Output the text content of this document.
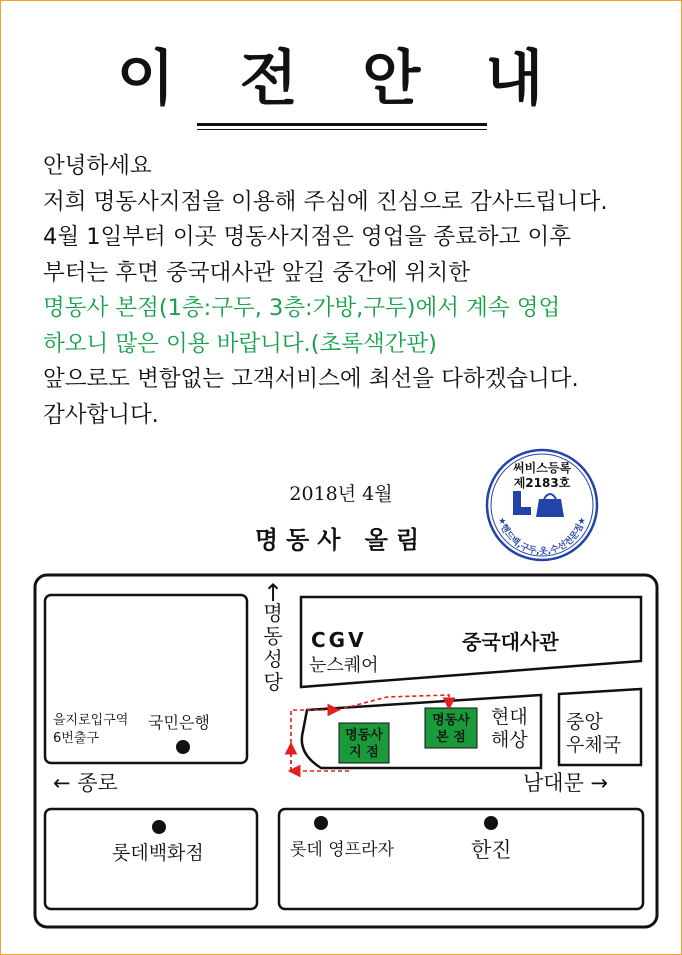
이 전 안 내
안녕하세요
저희 명동사지점을 이용해 주심에 진심으로 감사드립니다.
4월 1일부터 이곳 명동사지점은 영업을 종료하고 이후
부터는 후면 중국대사관 앞길 중간에 위치한
명동사 본점(1층:구두, 3층:가방,구두)에서 계속 영업
하오니 많은 이용 바랍니다.(초록색간판)
앞으로도 변함없는 고객서비스에 최선을 다하겠습니다.
감사합니다.
2018년 4월
명동사 올림
써비스등록
제2183호
★핸드백,구두,옷,수선전문점★
↑
명
동
성
당
CGV
눈스퀘어
중국대사관
을지로입구역
6번출구
국민은행
명동사
지 점
명동사
본 점
현대
해상
중앙
우체국
← 종로	남대문 →
롯데백화점	롯데 영프라자	한진
